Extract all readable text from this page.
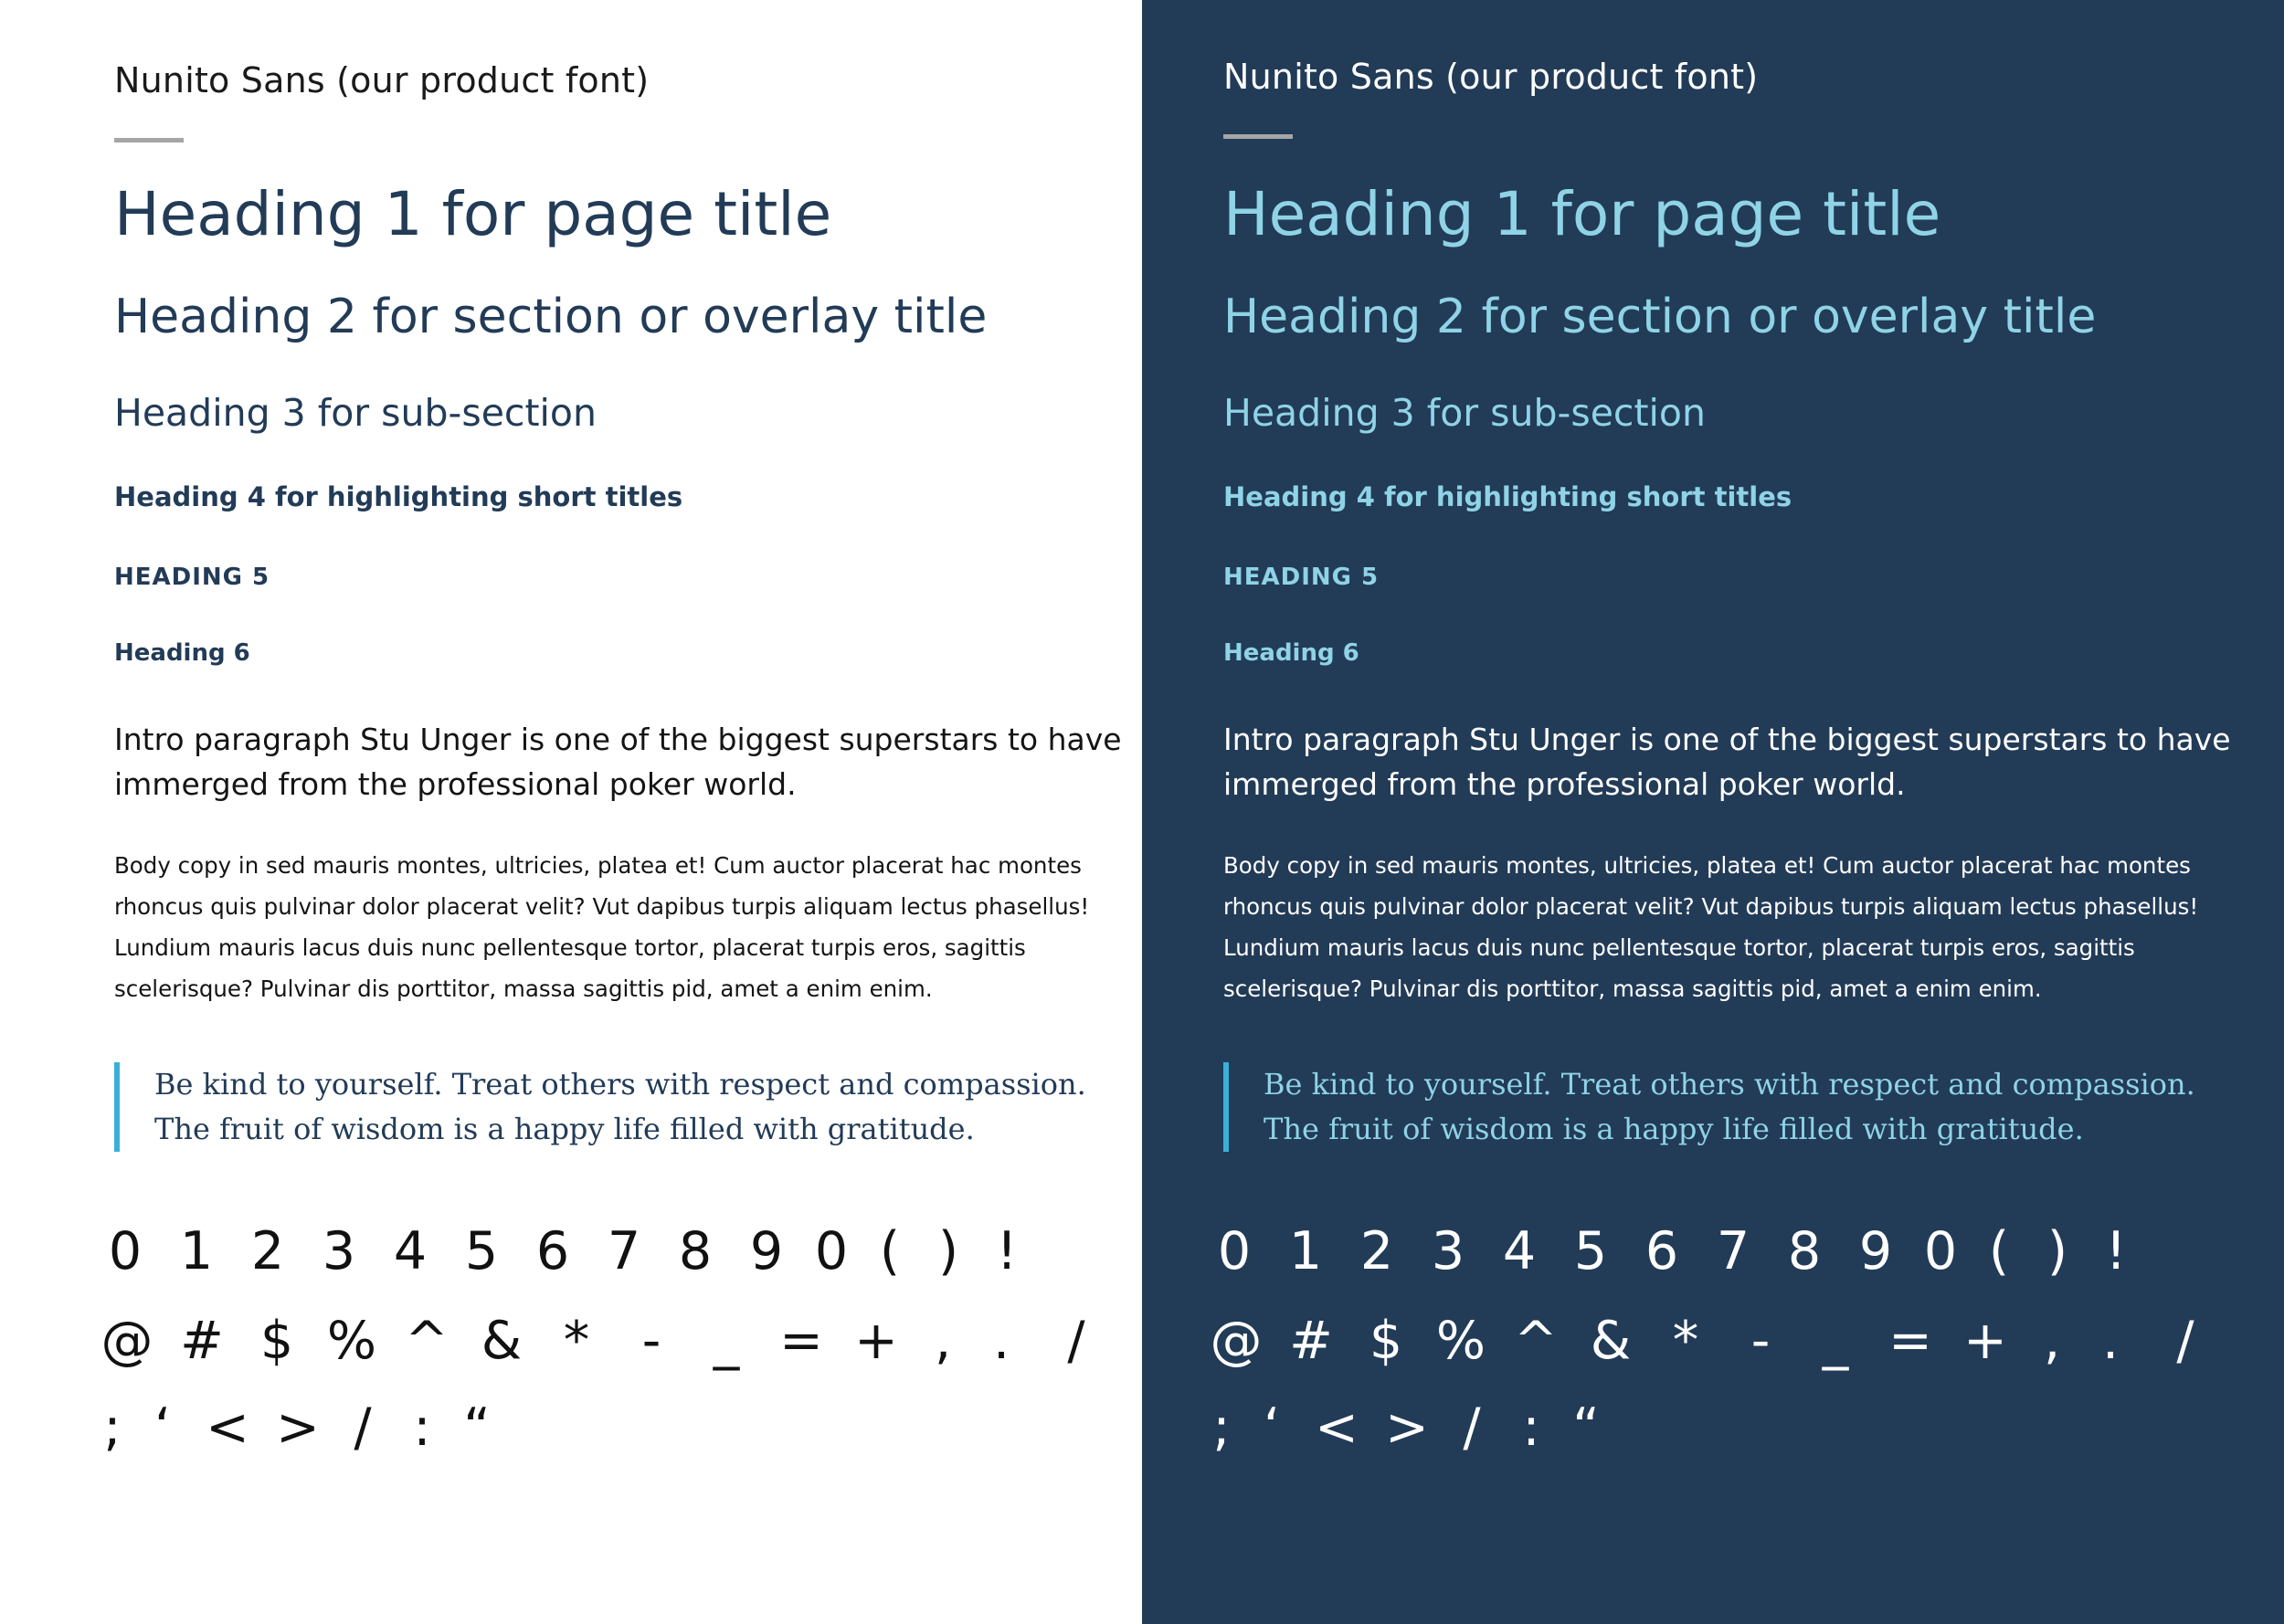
Nunito Sans (our product font)
Heading 1 for page title
Heading 2 for section or overlay title
Heading 3 for sub-section
Heading 4 for highlighting short titles
HEADING 5
Heading 6

Intro paragraph Stu Unger is one of the biggest superstars to have immerged from the professional poker world.

Body copy in sed mauris montes, ultricies, platea et! Cum auctor placerat hac montes rhoncus quis pulvinar dolor placerat velit? Vut dapibus turpis aliquam lectus phasellus! Lundium mauris lacus duis nunc pellentesque tortor, placerat turpis eros, sagittis scelerisque? Pulvinar dis porttitor, massa sagittis pid, amet a enim enim.

Be kind to yourself. Treat others with respect and compassion. The fruit of wisdom is a happy life filled with gratitude.
0 1 2 3 4 5 6 7 8 9 0 ( ) !
@ # $ % ^ & *	-	_ = + , .	/
; ‘ < > / : “
Nunito Sans (our product font)
Heading 1 for page title
Heading 2 for section or overlay title
Heading 3 for sub-section
Heading 4 for highlighting short titles
HEADING 5
Heading 6

Intro paragraph Stu Unger is one of the biggest superstars to have immerged from the professional poker world.

Body copy in sed mauris montes, ultricies, platea et! Cum auctor placerat hac montes rhoncus quis pulvinar dolor placerat velit? Vut dapibus turpis aliquam lectus phasellus! Lundium mauris lacus duis nunc pellentesque tortor, placerat turpis eros, sagittis scelerisque? Pulvinar dis porttitor, massa sagittis pid, amet a enim enim.

Be kind to yourself. Treat others with respect and compassion. The fruit of wisdom is a happy life filled with gratitude.
0 1 2 3 4 5 6 7 8 9 0 ( ) !
@ # $ % ^ & *	-	_ = + , .	/
; ‘ < > / : “
